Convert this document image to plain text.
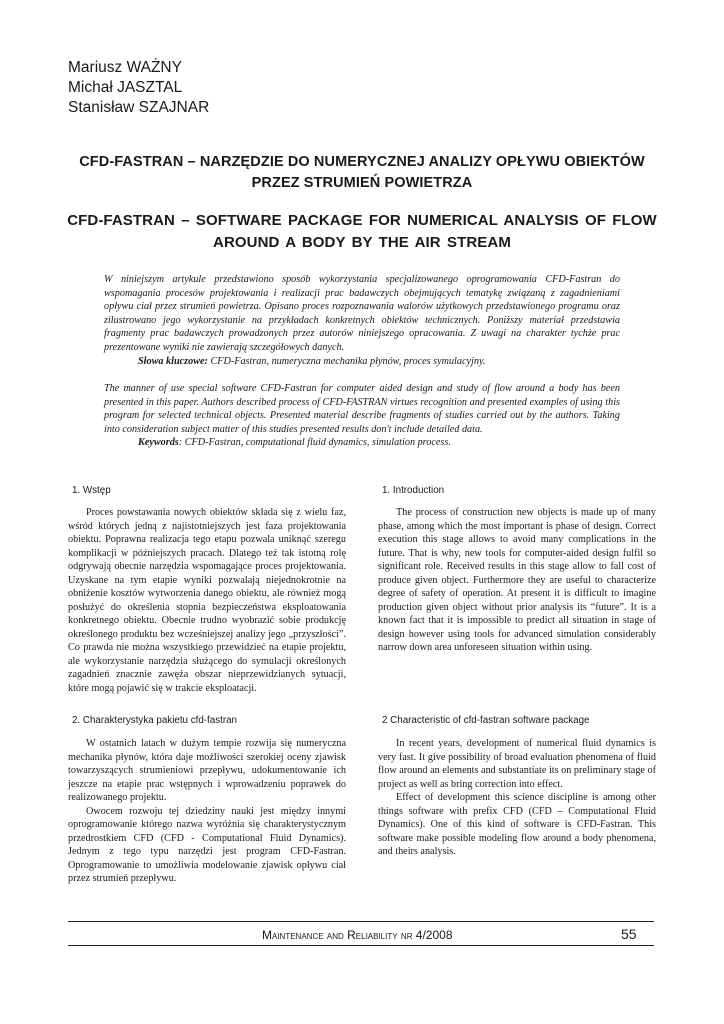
Mariusz WAŻNY
Michał JASZTAL
Stanisław SZAJNAR
CFD-FASTRAN – NARZĘDZIE DO NUMERYCZNEJ ANALIZY OPŁYWU OBIEKTÓW PRZEZ STRUMIEŃ POWIETRZA
CFD-FASTRAN – SOFTWARE PACKAGE FOR NUMERICAL ANALYSIS OF FLOW AROUND A BODY BY THE AIR STREAM

W niniejszym artykule przedstawiono sposób wykorzystania specjalizowanego oprogramowania CFD-Fastran do wspomagania procesów projektowania i realizacji prac badawczych obejmujących tematykę związaną z zagadnieniami opływu ciał przez strumień powietrza. Opisano proces rozpoznawania walorów użytkowych przedstawionego programu oraz zilustrowano jego wykorzystanie na przykładach konkretnych obiektów technicznych. Poniższy materiał przedstawia fragmenty prac badawczych prowadzonych przez autorów niniejszego opracowania. Z uwagi na charakter tychże prac prezentowane wyniki nie zawierają szczegółowych danych.

Słowa kluczowe: CFD-Fastran, numeryczna mechanika płynów, proces symulacyjny.

The manner of use special software CFD-Fastran for computer aided design and study of flow around a body has been presented in this paper. Authors described process of CFD-FASTRAN virtues recognition and presented examples of using this program for selected technical objects. Presented material describe fragments of studies carried out by the authors. Taking into consideration subject matter of this studies presented results don't include detailed data.

Keywords: CFD-Fastran, computational fluid dynamics, simulation process.

1. Wstęp	1. Introduction
2. Charakterystyka pakietu cfd-fastran	2 Characteristic of cfd-fastran software package

Proces powstawania nowych obiektów składa się z wielu faz, wśród których jedną z najistotniejszych jest faza projektowania obiektu. Poprawna realizacja tego etapu pozwala uniknąć szeregu komplikacji w późniejszych pracach. Dlatego też tak istotną rolę odgrywają obecnie narzędzia wspomagające proces projektowania. Uzyskane na tym etapie wyniki pozwalają niejednokrotnie na obniżenie kosztów wytworzenia danego obiektu, ale również mogą posłużyć do określenia stopnia bezpieczeństwa eksploatowania konkretnego obiektu. Obecnie trudno wyobrazić sobie produkcję określonego produktu bez wcześniejszej analizy jego „przyszłości”. Co prawda nie można wszystkiego przewidzieć na etapie projektu, ale wykorzystanie narzędzia służącego do symulacji określonych zagadnień znacznie zawęża obszar nieprzewidzianych sytuacji, które mogą pojawić się w trakcie eksploatacji.

W ostatnich latach w dużym tempie rozwija się numeryczna mechanika płynów, która daje możliwości szerokiej oceny zjawisk towarzyszących strumieniowi przepływu, udokumentowanie ich jeszcze na etapie prac wstępnych i wprowadzeniu poprawek do realizowanego projektu.

Owocem rozwoju tej dziedziny nauki jest między innymi oprogramowanie którego nazwa wyróżnia się charakterystycznym przedrostkiem CFD (CFD - Computational Fluid Dynamics). Jednym z tego typu narzędzi jest program CFD-Fastran. Oprogramowanie to umożliwia modelowanie zjawisk opływu ciał przez strumień przepływu.

The process of construction new objects is made up of many phase, among which the most important is phase of design. Correct execution this stage allows to avoid many complications in the future. That is why, new tools for computer-aided design fulfil so significant role. Received results in this stage allow to fall cost of produce given object. Furthermore they are useful to characterize degree of safety of operation. At present it is difficult to imagine production given object without prior analysis its “future”. It is a known fact that it is impossible to predict all situation in stage of design however using tools for advanced simulation considerably narrow down area unforeseen situation within using.

In recent years, development of numerical fluid dynamics is very fast. It give possibility of broad evaluation phenomena of fluid flow around an elements and substantiate its on preliminary stage of project as well as bring correction into effect.

Effect of development this science discipline is among other things software with prefix CFD (CFD – Computational Fluid Dynamics). One of this kind of software is CFD-Fastran. This software make possible modeling flow around a body phenomena, and theirs analysis.

Maintenance and Reliability nr 4/2008	55
